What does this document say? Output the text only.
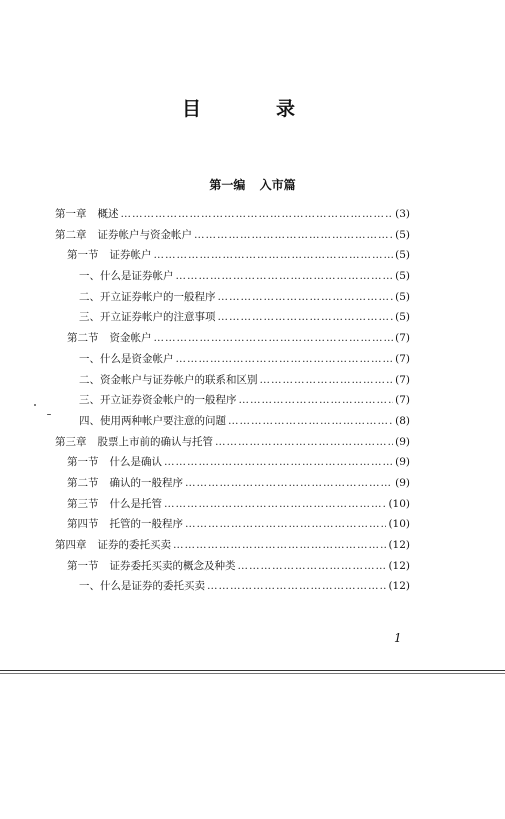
目　录
第一编 入市篇
第一章 概述 …………………………………………………………………………………………………………………	(3)
第二章 证券帐户与资金帐户 …………………………………………………………………………………………………………………	(5)
第一节 证券帐户 …………………………………………………………………………………………………………………	(5)
一、什么是证券帐户 …………………………………………………………………………………………………………………	(5)
二、开立证券帐户的一般程序 …………………………………………………………………………………………………………………	(5)
三、开立证券帐户的注意事项 …………………………………………………………………………………………………………………	(5)
第二节 资金帐户 …………………………………………………………………………………………………………………	(7)
一、什么是资金帐户 …………………………………………………………………………………………………………………	(7)
二、资金帐户与证券帐户的联系和区别 …………………………………………………………………………………………………………………	(7)
三、开立证券资金帐户的一般程序 …………………………………………………………………………………………………………………	(7)
四、使用两种帐户要注意的问题 …………………………………………………………………………………………………………………	(8)
第三章 股票上市前的确认与托管 …………………………………………………………………………………………………………………	(9)
第一节 什么是确认 …………………………………………………………………………………………………………………	(9)
第二节 确认的一般程序 …………………………………………………………………………………………………………………	(9)
第三节 什么是托管 …………………………………………………………………………………………………………………	(10)
第四节 托管的一般程序 …………………………………………………………………………………………………………………	(10)
第四章 证券的委托买卖 …………………………………………………………………………………………………………………	(12)
第一节 证券委托买卖的概念及种类 …………………………………………………………………………………………………………………	(12)
一、什么是证券的委托买卖 …………………………………………………………………………………………………………………	(12)
1
